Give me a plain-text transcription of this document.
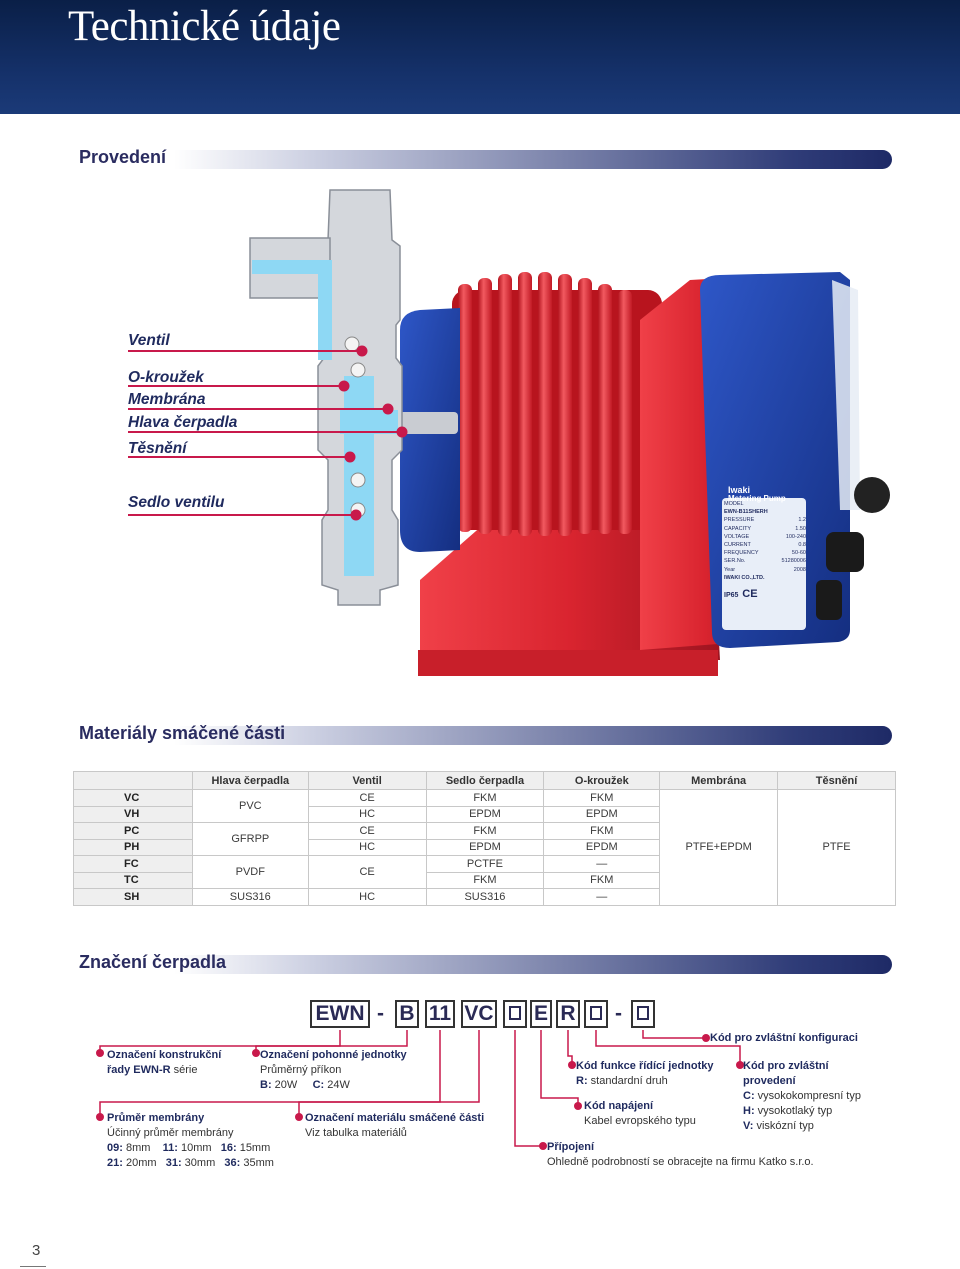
Technické údaje
Provedení
Iwaki
Metering Pump
Ventil
O-kroužek
Membrána
Hlava čerpadla
Těsnění
Sedlo ventilu	MODEL
EWN-B11SHERH
PRESSURE	1.2
CAPACITY	1.50
VOLTAGE	100-240
CURRENT	0.8
FREQUENCY	50-60
SER.No.	51280006
Year	2008
IWAKI CO.,LTD.
IP65 CE
Materiály smáčené části
	Hlava čerpadla	Ventil	Sedlo čerpadla	O-kroužek	Membrána	Těsnění
VC	PVC	CE	FKM	FKM	PTFE+EPDM	PTFE
VH		HC	EPDM	EPDM		
PC	GFRPP	CE	FKM	FKM		
PH		HC	EPDM	EPDM		
FC	PVDF	CE	PCTFE	—		
TC			FKM	FKM		
SH	SUS316	HC	SUS316	—		
Značení čerpadla
EWN - B 11 VC E R -
Kód pro zvláštní konfiguraci
Označení konstrukční
řady EWN-R série
Označení pohonné jednotky
Průměrný příkon
B: 20W C: 24W
Kód funkce řídící jednotky
R: standardní druh
Kód pro zvláštní
provedení
C: vysokokompresní typ
H: vysokotlaký typ
V: viskózní typ
Kód napájení
Kabel evropského typu
Průměr membrány
Účinný průměr membrány
09: 8mm 11: 10mm 16: 15mm
21: 20mm 31: 30mm 36: 35mm
Označení materiálu smáčené části
Viz tabulka materiálů
Přípojení
Ohledně podrobností se obracejte na firmu Katko s.r.o.
3
